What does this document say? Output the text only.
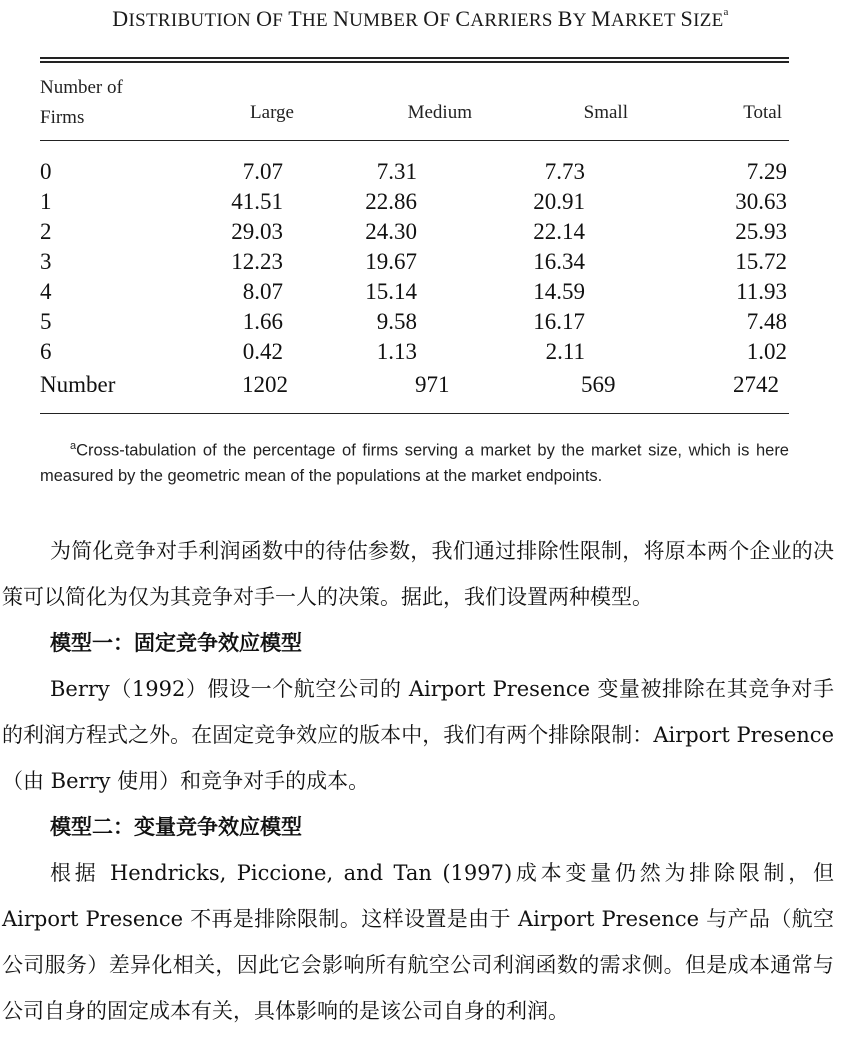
DISTRIBUTION OF THE NUMBER OF CARRIERS BY MARKET SIZE$^a$
Number of
Firms	Large	Medium	Small	Total
0	7.07	7.31	7.73	7.29
1	41.51	22.86	20.91	30.63
2	29.03	24.30	22.14	25.93
3	12.23	19.67	16.34	15.72
4	8.07	15.14	14.59	11.93
5	1.66	9.58	16.17	7.48
6	0.42	1.13	2.11	1.02
Number	1202	971	569	2742
$^a$Cross-tabulation of the percentage of firms serving a market by the market size, which is here measured by the geometric mean of the populations at the market endpoints.

为简化竞争对手利润函数中的待估参数，我们通过排除性限制，将原本两个企业的决策可以简化为仅为其竞争对手一人的决策。据此，我们设置两种模型。

模型一：固定竞争效应模型

Berry（1992）假设一个航空公司的 Airport Presence 变量被排除在其竞争对手的利润方程式之外。在固定竞争效应的版本中，我们有两个排除限制：Airport Presence（由 Berry 使用）和竞争对手的成本。

模型二：变量竞争效应模型

根据 Hendricks, Piccione, and Tan (1997)成本变量仍然为排除限制，但 Airport Presence 不再是排除限制。这样设置是由于 Airport Presence 与产品（航空公司服务）差异化相关，因此它会影响所有航空公司利润函数的需求侧。但是成本通常与公司自身的固定成本有关，具体影响的是该公司自身的利润。
